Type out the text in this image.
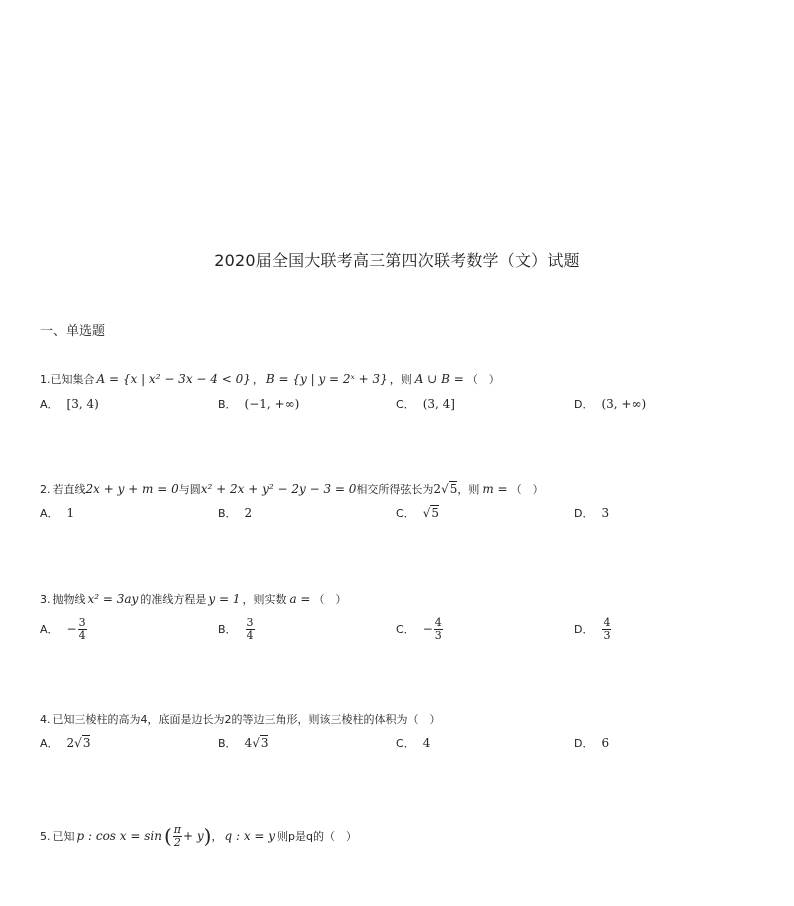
2020届全国大联考高三第四次联考数学（文）试题
一、单选题
1. 已知集合 A = {x | x² − 3x − 4 < 0} ， B = {y | y = 2ˣ + 3} ，则 A ∪ B = （　）
A． [3, 4)	B． (−1, +∞)	C． (3, 4]	D． (3, +∞)
2. 若直线 2x + y + m = 0 与圆 x² + 2x + y² − 2y − 3 = 0 相交所得弦长为 2√5 ，则 m = （　）
A． 1	B． 2	C． √5	D． 3
3. 抛物线 x² = 3ay 的准线方程是 y = 1 ，则实数 a = （　）
A． − $\frac{3}{4}$	B． $\frac{3}{4}$	C． − $\frac{4}{3}$	D． $\frac{4}{3}$
4. 已知三棱柱的高为4，底面是边长为2的等边三角形，则该三棱柱的体积为（　）
A． 2√3	B． 4√3	C． 4	D． 6
5. 已知 p : cos x = sin ( $\frac{\pi}{2} + y$ ) ， q : x = y 则p是q的 （　）
